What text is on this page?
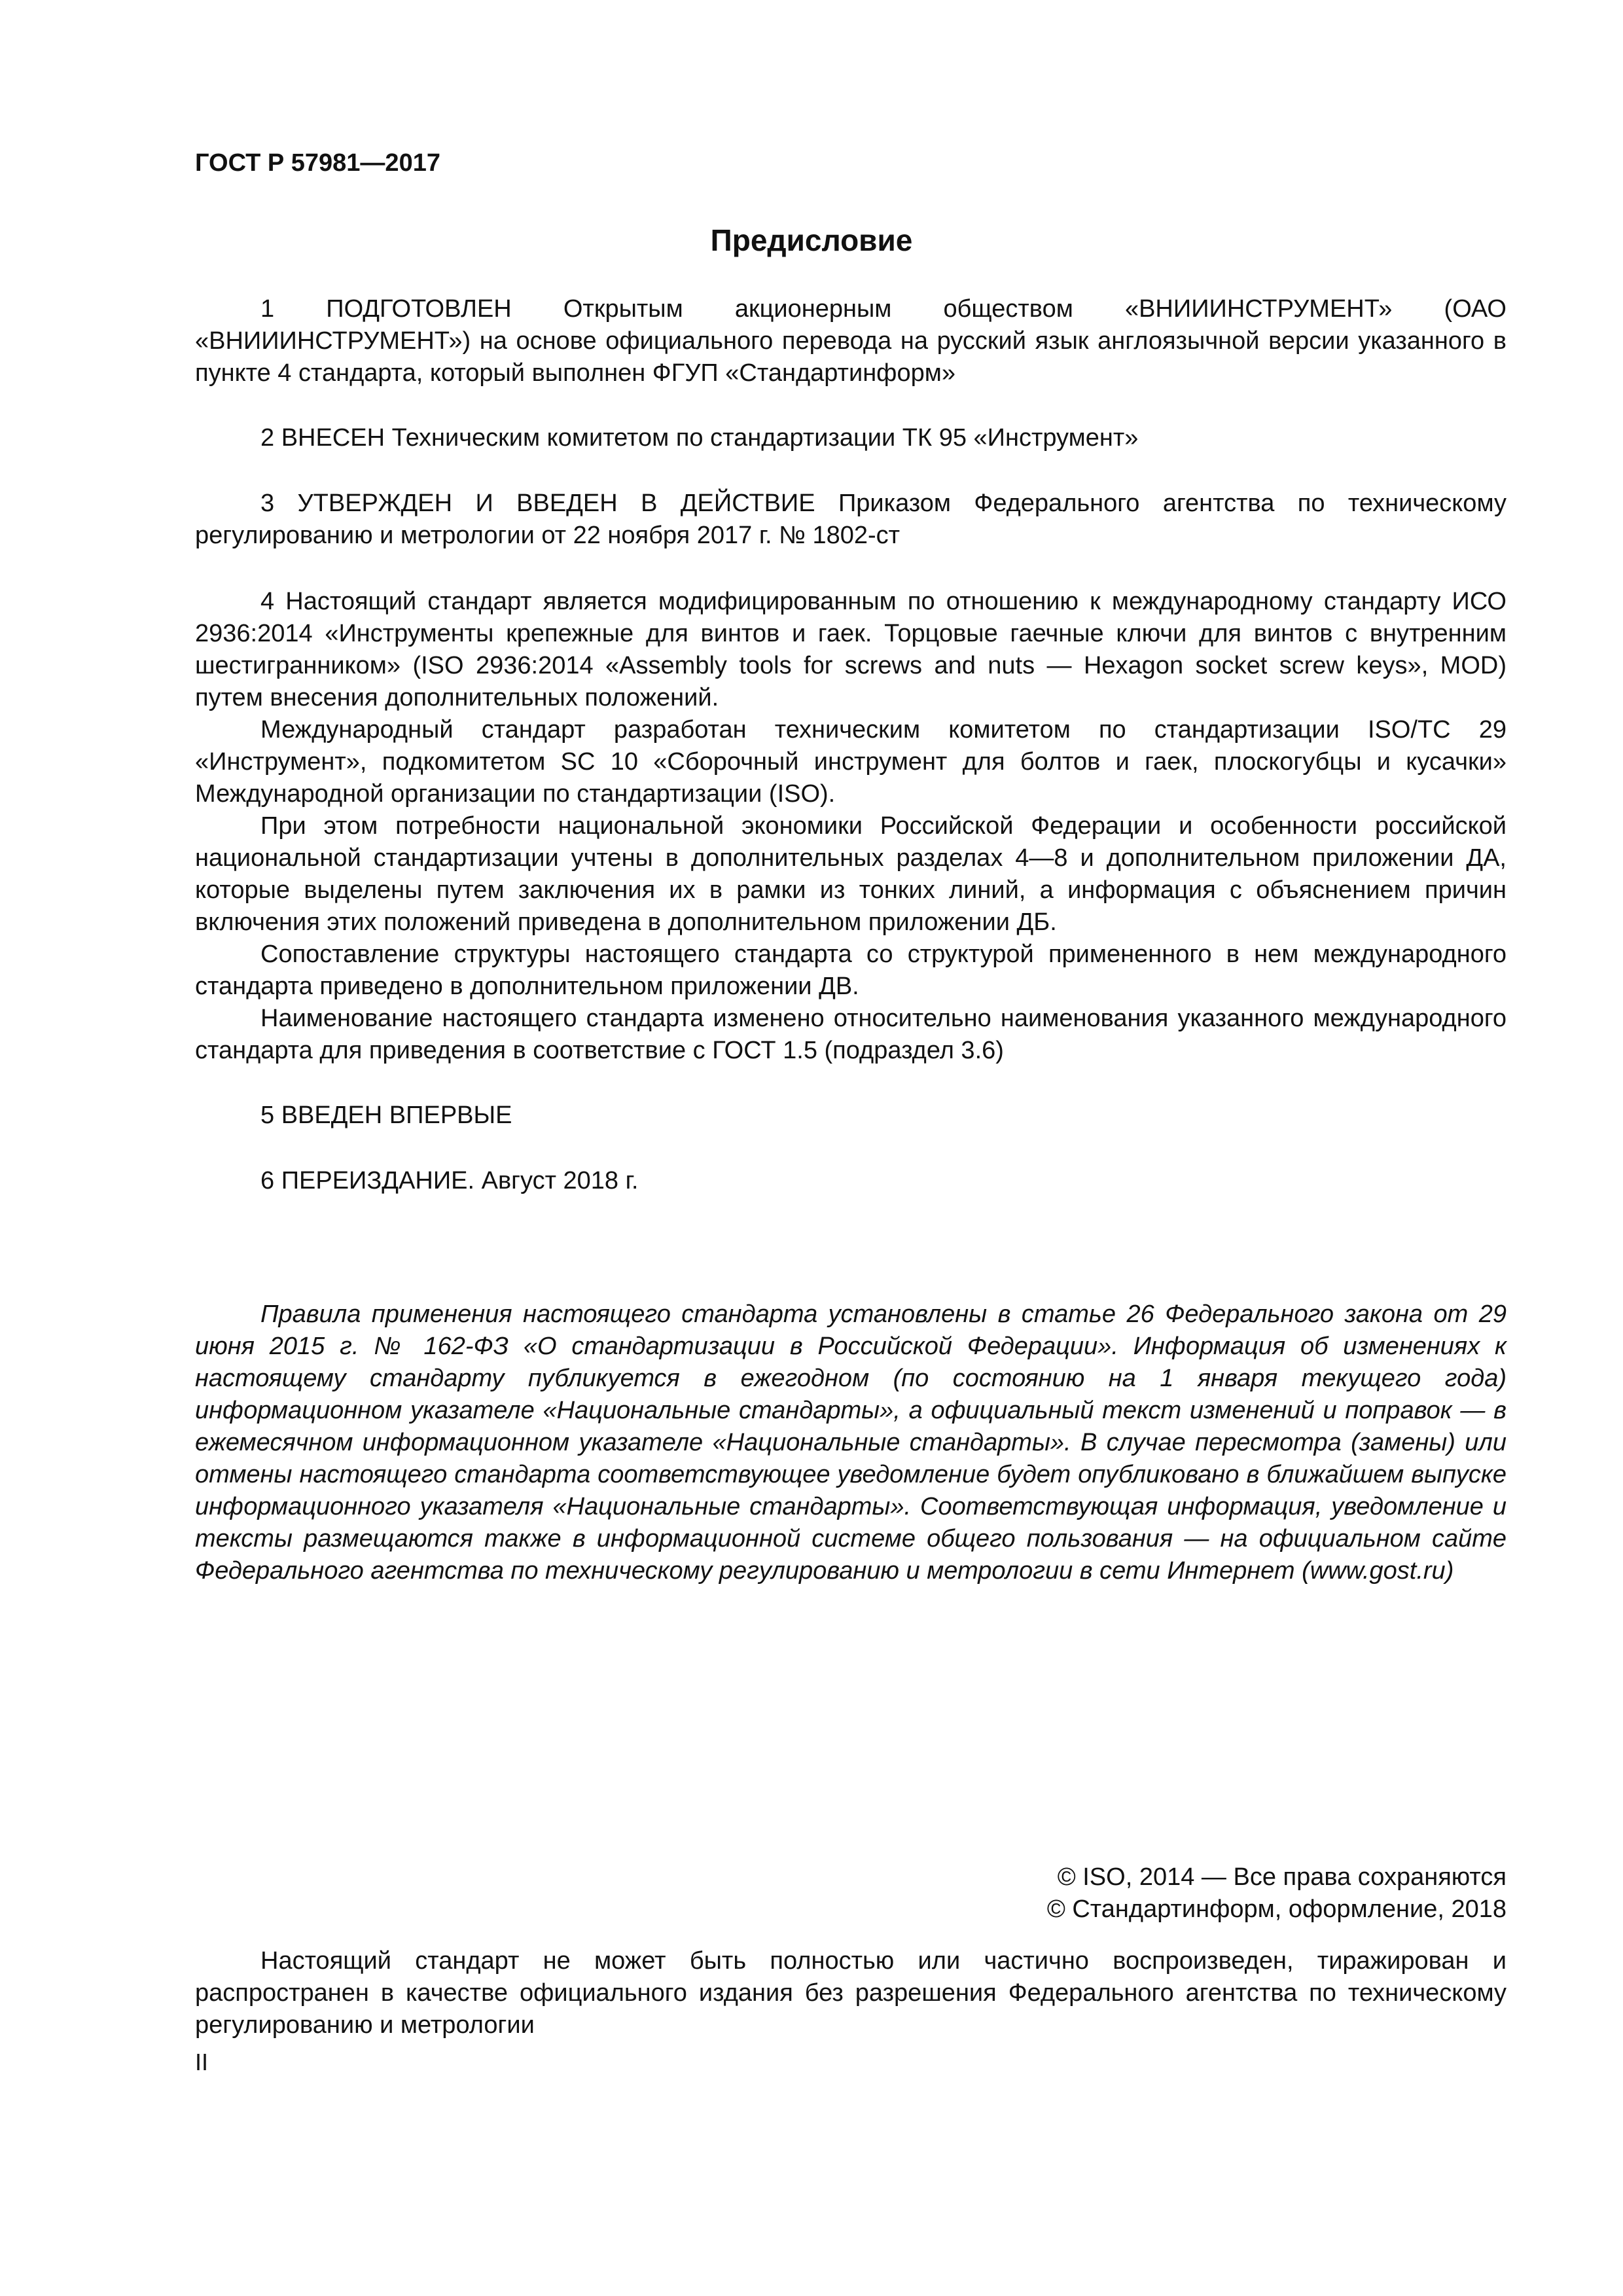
ГОСТ Р 57981—2017

Предисловие

1 ПОДГОТОВЛЕН Открытым акционерным обществом «ВНИИИНСТРУМЕНТ» (ОАО «ВНИИИНСТРУМЕНТ») на основе официального перевода на русский язык англоязычной версии указанного в пункте 4 стандарта, который выполнен ФГУП «Стандартинформ»

2 ВНЕСЕН Техническим комитетом по стандартизации ТК 95 «Инструмент»

3 УТВЕРЖДЕН И ВВЕДЕН В ДЕЙСТВИЕ Приказом Федерального агентства по техническому регулированию и метрологии от 22 ноября 2017 г. № 1802-ст

4 Настоящий стандарт является модифицированным по отношению к международному стандарту ИСО 2936:2014 «Инструменты крепежные для винтов и гаек. Торцовые гаечные ключи для винтов с внутренним шестигранником» (ISO 2936:2014 «Assembly tools for screws and nuts — Hexagon socket screw keys», MOD) путем внесения дополнительных положений.

Международный стандарт разработан техническим комитетом по стандартизации ISO/TC 29 «Инструмент», подкомитетом SC 10 «Сборочный инструмент для болтов и гаек, плоскогубцы и кусачки» Международной организации по стандартизации (ISO).

При этом потребности национальной экономики Российской Федерации и особенности российской национальной стандартизации учтены в дополнительных разделах 4—8 и дополнительном приложении ДА, которые выделены путем заключения их в рамки из тонких линий, а информация с объяснением причин включения этих положений приведена в дополнительном приложении ДБ.

Сопоставление структуры настоящего стандарта со структурой примененного в нем международного стандарта приведено в дополнительном приложении ДВ.

Наименование настоящего стандарта изменено относительно наименования указанного международного стандарта для приведения в соответствие с ГОСТ 1.5 (подраздел 3.6)

5 ВВЕДЕН ВПЕРВЫЕ

6 ПЕРЕИЗДАНИЕ. Август 2018 г.

Правила применения настоящего стандарта установлены в статье 26 Федерального закона от 29 июня 2015 г. № 162-ФЗ «О стандартизации в Российской Федерации». Информация об изменениях к настоящему стандарту публикуется в ежегодном (по состоянию на 1 января текущего года) информационном указателе «Национальные стандарты», а официальный текст изменений и поправок — в ежемесячном информационном указателе «Национальные стандарты». В случае пересмотра (замены) или отмены настоящего стандарта соответствующее уведомление будет опубликовано в ближайшем выпуске информационного указателя «Национальные стандарты». Соответствующая информация, уведомление и тексты размещаются также в информационной системе общего пользования — на официальном сайте Федерального агентства по техническому регулированию и метрологии в сети Интернет (www.gost.ru)

© ISO, 2014 — Все права сохраняются
© Стандартинформ, оформление, 2018

Настоящий стандарт не может быть полностью или частично воспроизведен, тиражирован и распространен в качестве официального издания без разрешения Федерального агентства по техническому регулированию и метрологии

II
